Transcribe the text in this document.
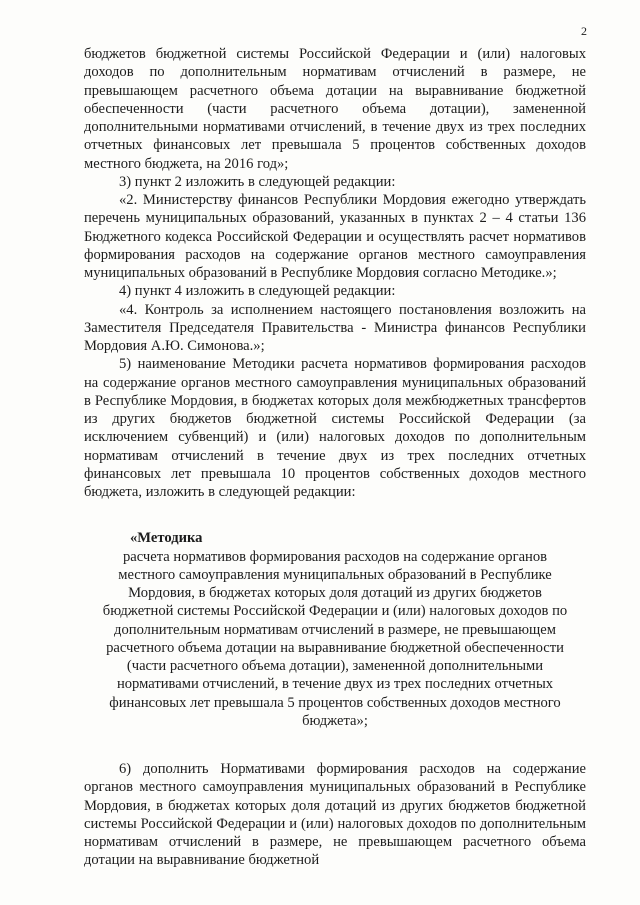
2

бюджетов бюджетной системы Российской Федерации и (или) налоговых доходов по дополнительным нормативам отчислений в размере, не превышающем расчетного объема дотации на выравнивание бюджетной обеспеченности (части расчетного объема дотации), замененной дополнительными нормативами отчислений, в течение двух из трех последних отчетных финансовых лет превышала 5 процентов собственных доходов местного бюджета, на 2016 год»;

3) пункт 2 изложить в следующей редакции:

«2. Министерству финансов Республики Мордовия ежегодно утверждать перечень муниципальных образований, указанных в пунктах 2 – 4 статьи 136 Бюджетного кодекса Российской Федерации и осуществлять расчет нормативов формирования расходов на содержание органов местного самоуправления муниципальных образований в Республике Мордовия согласно Методике.»;

4) пункт 4 изложить в следующей редакции:

«4. Контроль за исполнением настоящего постановления возложить на Заместителя Председателя Правительства - Министра финансов Республики Мордовия А.Ю. Симонова.»;

5) наименование Методики расчета нормативов формирования расходов на содержание органов местного самоуправления муниципальных образований в Республике Мордовия, в бюджетах которых доля межбюджетных трансфертов из других бюджетов бюджетной системы Российской Федерации (за исключением субвенций) и (или) налоговых доходов по дополнительным нормативам отчислений в течение двух из трех последних отчетных финансовых лет превышала 10 процентов собственных доходов местного бюджета, изложить в следующей редакции:

«Методика

расчета нормативов формирования расходов на содержание органов местного самоуправления муниципальных образований в Республике Мордовия, в бюджетах которых доля дотаций из других бюджетов бюджетной системы Российской Федерации и (или) налоговых доходов по дополнительным нормативам отчислений в размере, не превышающем расчетного объема дотации на выравнивание бюджетной обеспеченности (части расчетного объема дотации), замененной дополнительными нормативами отчислений, в течение двух из трех последних отчетных финансовых лет превышала 5 процентов собственных доходов местного бюджета»;

6) дополнить Нормативами формирования расходов на содержание органов местного самоуправления муниципальных образований в Республике Мордовия, в бюджетах которых доля дотаций из других бюджетов бюджетной системы Российской Федерации и (или) налоговых доходов по дополнительным нормативам отчислений в размере, не превышающем расчетного объема дотации на выравнивание бюджетной
